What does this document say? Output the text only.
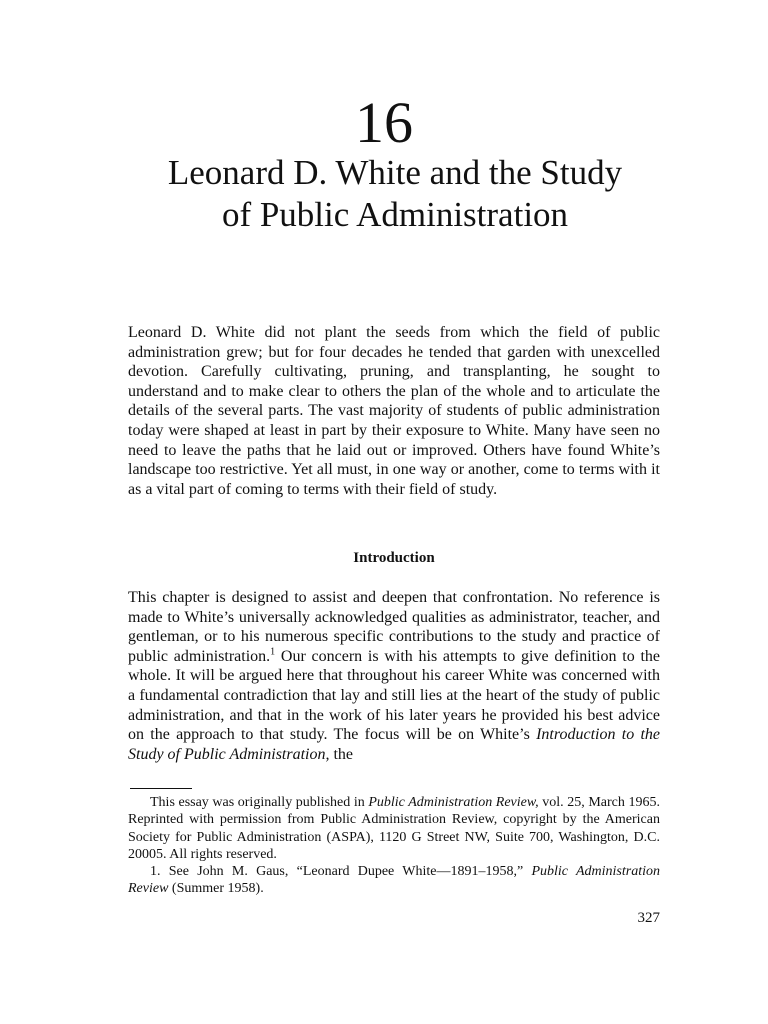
16
Leonard D. White and the Study
of Public Administration

Leonard D. White did not plant the seeds from which the field of public administration grew; but for four decades he tended that garden with unexcelled devotion. Carefully cultivating, pruning, and transplanting, he sought to understand and to make clear to others the plan of the whole and to articulate the details of the several parts. The vast majority of students of public administration today were shaped at least in part by their exposure to White. Many have seen no need to leave the paths that he laid out or improved. Others have found White’s landscape too restrictive. Yet all must, in one way or another, come to terms with it as a vital part of coming to terms with their field of study.

Introduction

This chapter is designed to assist and deepen that confrontation. No reference is made to White’s universally acknowledged qualities as administrator, teacher, and gentleman, or to his numerous specific contributions to the study and practice of public administration.$^1$ Our concern is with his attempts to give definition to the whole. It will be argued here that throughout his career White was concerned with a fundamental contradiction that lay and still lies at the heart of the study of public administration, and that in the work of his later years he provided his best advice on the approach to that study. The focus will be on White’s Introduction to the Study of Public Administration, the

This essay was originally published in Public Administration Review, vol. 25, March 1965. Reprinted with permission from Public Administration Review, copyright by the American Society for Public Administration (ASPA), 1120 G Street NW, Suite 700, Washington, D.C. 20005. All rights reserved.

1. See John M. Gaus, “Leonard Dupee White—1891–1958,” Public Administration Review (Summer 1958).

327
